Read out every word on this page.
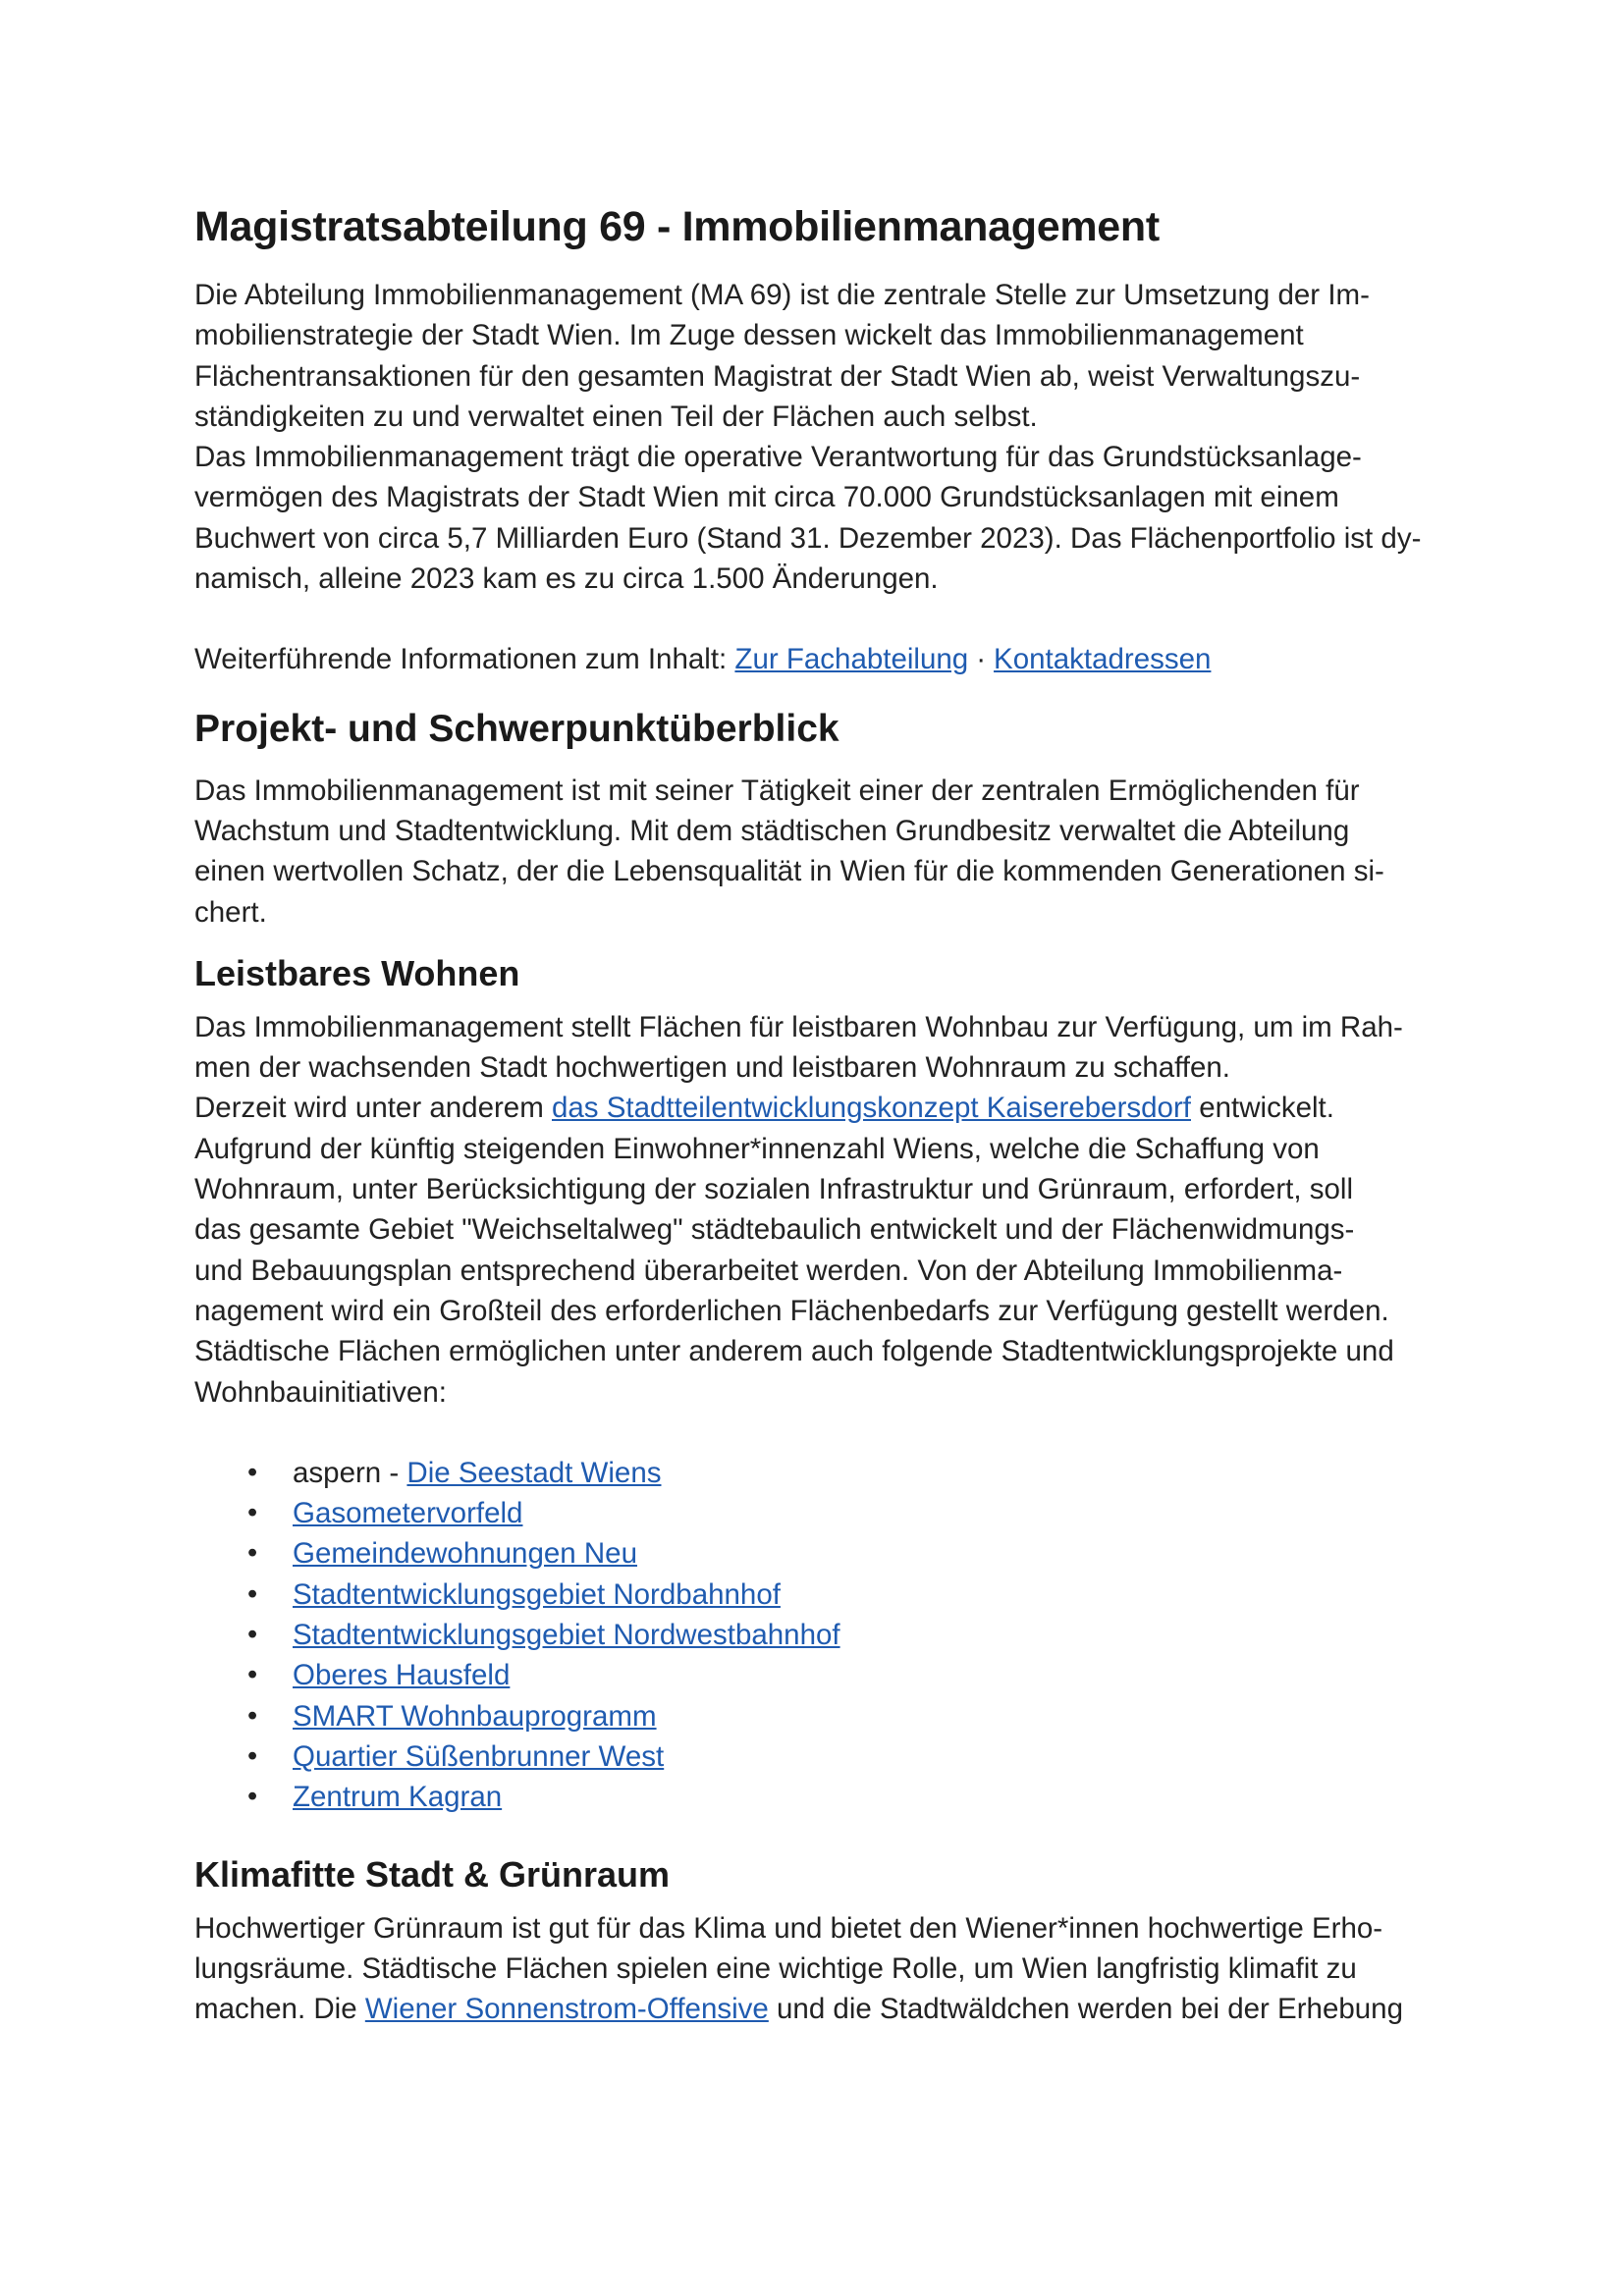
Magistratsabteilung 69 - Immobilienmanagement

Die Abteilung Immobilienmanagement (MA 69) ist die zentrale Stelle zur Umsetzung der Im-
mobilienstrategie der Stadt Wien. Im Zuge dessen wickelt das Immobilienmanagement
Flächentransaktionen für den gesamten Magistrat der Stadt Wien ab, weist Verwaltungszu-
ständigkeiten zu und verwaltet einen Teil der Flächen auch selbst.
Das Immobilienmanagement trägt die operative Verantwortung für das Grundstücksanlage-
vermögen des Magistrats der Stadt Wien mit circa 70.000 Grundstücksanlagen mit einem
Buchwert von circa 5,7 Milliarden Euro (Stand 31. Dezember 2023). Das Flächenportfolio ist dy-
namisch, alleine 2023 kam es zu circa 1.500 Änderungen.

Weiterführende Informationen zum Inhalt: Zur Fachabteilung · Kontaktadressen

Projekt- und Schwerpunktüberblick

Das Immobilienmanagement ist mit seiner Tätigkeit einer der zentralen Ermöglichenden für
Wachstum und Stadtentwicklung. Mit dem städtischen Grundbesitz verwaltet die Abteilung
einen wertvollen Schatz, der die Lebensqualität in Wien für die kommenden Generationen si-
chert.

Leistbares Wohnen

Das Immobilienmanagement stellt Flächen für leistbaren Wohnbau zur Verfügung, um im Rah-
men der wachsenden Stadt hochwertigen und leistbaren Wohnraum zu schaffen.
Derzeit wird unter anderem das Stadtteilentwicklungskonzept Kaiserebersdorf entwickelt.
Aufgrund der künftig steigenden Einwohner*innenzahl Wiens, welche die Schaffung von
Wohnraum, unter Berücksichtigung der sozialen Infrastruktur und Grünraum, erfordert, soll
das gesamte Gebiet "Weichseltalweg" städtebaulich entwickelt und der Flächenwidmungs-
und Bebauungsplan entsprechend überarbeitet werden. Von der Abteilung Immobilienma-
nagement wird ein Großteil des erforderlichen Flächenbedarfs zur Verfügung gestellt werden.
Städtische Flächen ermöglichen unter anderem auch folgende Stadtentwicklungsprojekte und
Wohnbauinitiativen:

• aspern - Die Seestadt Wiens
• Gasometervorfeld
• Gemeindewohnungen Neu
• Stadtentwicklungsgebiet Nordbahnhof
• Stadtentwicklungsgebiet Nordwestbahnhof
• Oberes Hausfeld
• SMART Wohnbauprogramm
• Quartier Süßenbrunner West
• Zentrum Kagran
Klimafitte Stadt & Grünraum

Hochwertiger Grünraum ist gut für das Klima und bietet den Wiener*innen hochwertige Erho-
lungsräume. Städtische Flächen spielen eine wichtige Rolle, um Wien langfristig klimafit zu
machen. Die Wiener Sonnenstrom-Offensive und die Stadtwäldchen werden bei der Erhebung
